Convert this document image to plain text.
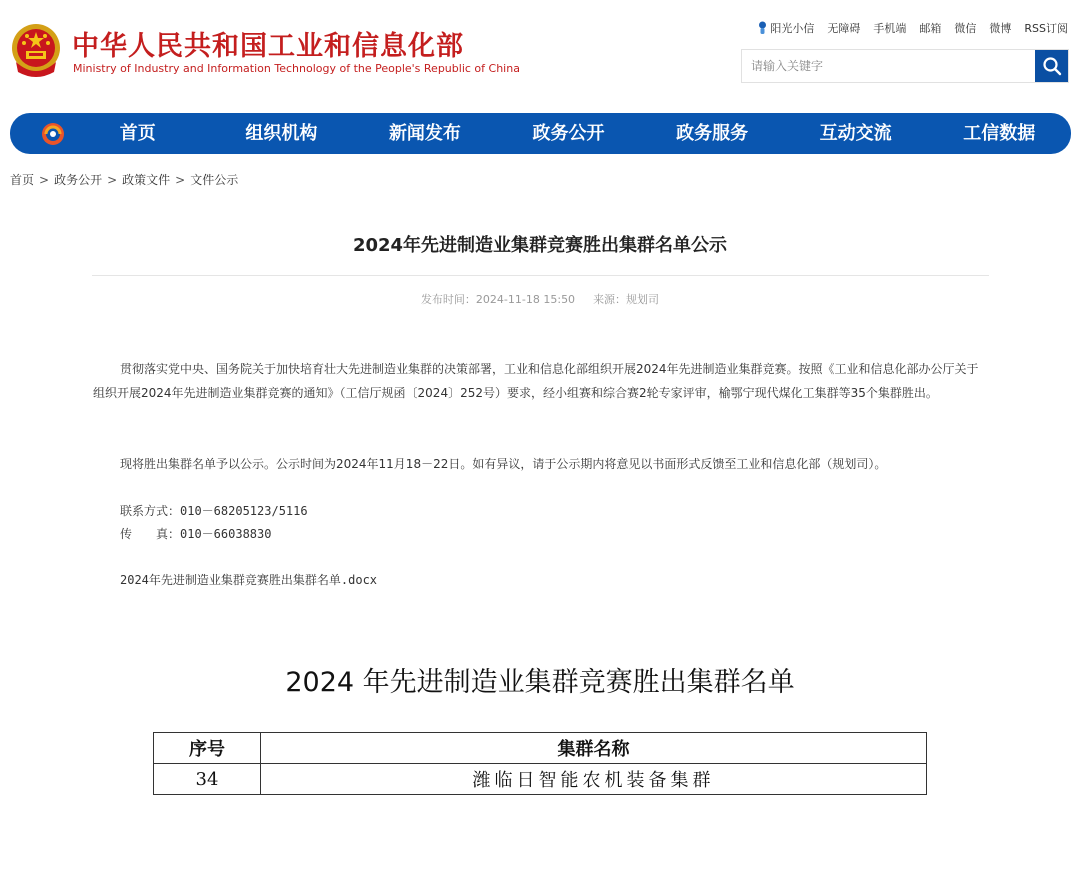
中华人民共和国工业和信息化部
Ministry of Industry and Information Technology of the People's Republic of China
阳光小信 无障碍 手机端 邮箱 微信 微博 RSS订阅
请输入关键字
首页	组织机构	新闻发布	政务公开	政务服务	互动交流	工信数据
首页 > 政务公开 > 政策文件 > 文件公示
2024年先进制造业集群竞赛胜出集群名单公示
发布时间：2024-11-18 15:50 来源：规划司
贯彻落实党中央、国务院关于加快培育壮大先进制造业集群的决策部署，工业和信息化部组织开展2024年先进制造业集群竞赛。按照《工业和信息化部办公厅关于组织开展2024年先进制造业集群竞赛的通知》（工信厅规函〔2024〕252号）要求，经小组赛和综合赛2轮专家评审，榆鄂宁现代煤化工集群等35个集群胜出。
现将胜出集群名单予以公示。公示时间为2024年11月18－22日。如有异议，请于公示期内将意见以书面形式反馈至工业和信息化部（规划司）。
联系方式：010－68205123/5116
传　　真：010－66038830
2024年先进制造业集群竞赛胜出集群名单.docx
2024 年先进制造业集群竞赛胜出集群名单
序号	集群名称
34	潍临日智能农机装备集群
